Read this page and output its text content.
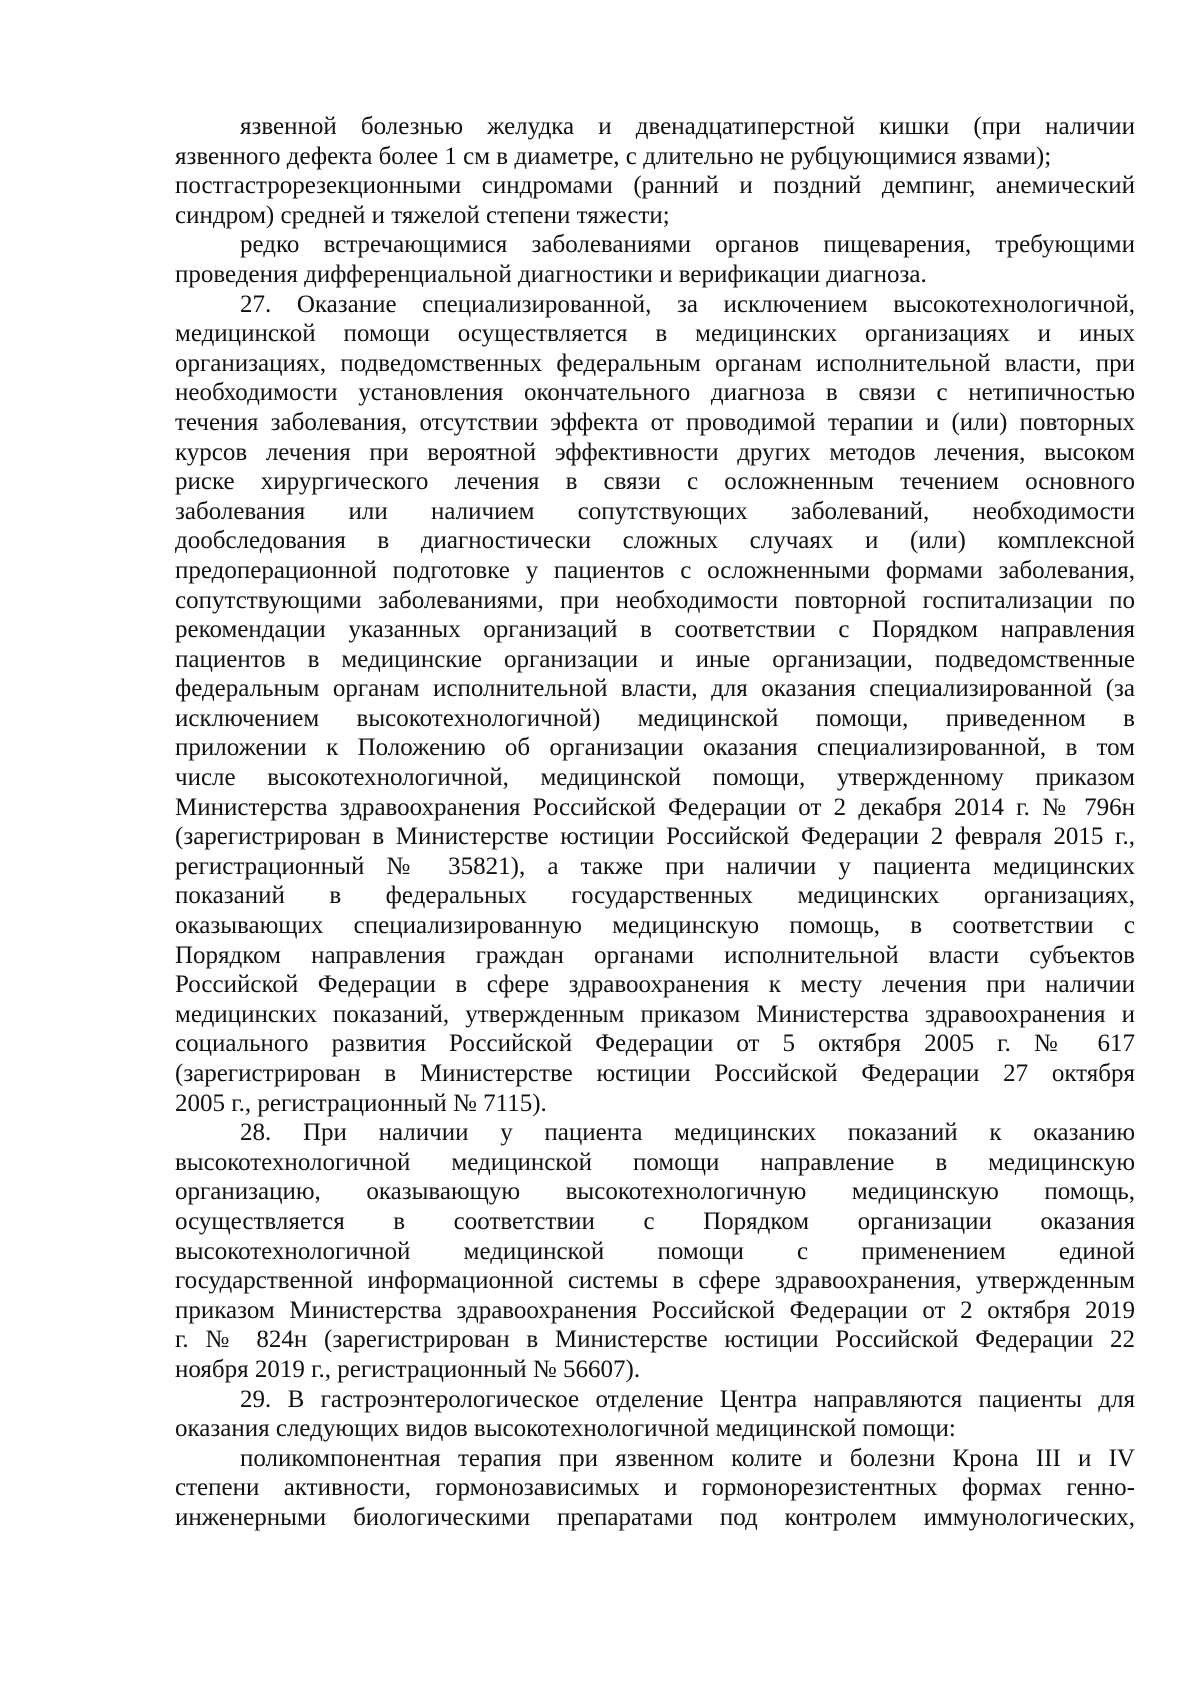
язвенной болезнью желудка и двенадцатиперстной кишки (при наличии
язвенного дефекта более 1 см в диаметре, с длительно не рубцующимися язвами);
постгастрорезекционными синдромами (ранний и поздний демпинг, анемический
синдром) средней и тяжелой степени тяжести;
редко встречающимися заболеваниями органов пищеварения, требующими
проведения дифференциальной диагностики и верификации диагноза.
27. Оказание специализированной, за исключением высокотехнологичной,
медицинской помощи осуществляется в медицинских организациях и иных
организациях, подведомственных федеральным органам исполнительной власти, при
необходимости установления окончательного диагноза в связи с нетипичностью
течения заболевания, отсутствии эффекта от проводимой терапии и (или) повторных
курсов лечения при вероятной эффективности других методов лечения, высоком
риске хирургического лечения в связи с осложненным течением основного
заболевания или наличием сопутствующих заболеваний, необходимости
дообследования в диагностически сложных случаях и (или) комплексной
предоперационной подготовке у пациентов с осложненными формами заболевания,
сопутствующими заболеваниями, при необходимости повторной госпитализации по
рекомендации указанных организаций в соответствии с Порядком направления
пациентов в медицинские организации и иные организации, подведомственные
федеральным органам исполнительной власти, для оказания специализированной (за
исключением высокотехнологичной) медицинской помощи, приведенном в
приложении к Положению об организации оказания специализированной, в том
числе высокотехнологичной, медицинской помощи, утвержденному приказом
Министерства здравоохранения Российской Федерации от 2 декабря 2014 г. № 796н
(зарегистрирован в Министерстве юстиции Российской Федерации 2 февраля 2015 г.,
регистрационный № 35821), а также при наличии у пациента медицинских
показаний в федеральных государственных медицинских организациях,
оказывающих специализированную медицинскую помощь, в соответствии с
Порядком направления граждан органами исполнительной власти субъектов
Российской Федерации в сфере здравоохранения к месту лечения при наличии
медицинских показаний, утвержденным приказом Министерства здравоохранения и
социального развития Российской Федерации от 5 октября 2005 г. № 617
(зарегистрирован в Министерстве юстиции Российской Федерации 27 октября
2005 г., регистрационный № 7115).
28. При наличии у пациента медицинских показаний к оказанию
высокотехнологичной медицинской помощи направление в медицинскую
организацию, оказывающую высокотехнологичную медицинскую помощь,
осуществляется в соответствии с Порядком организации оказания
высокотехнологичной медицинской помощи с применением единой
государственной информационной системы в сфере здравоохранения, утвержденным
приказом Министерства здравоохранения Российской Федерации от 2 октября 2019
г. № 824н (зарегистрирован в Министерстве юстиции Российской Федерации 22
ноября 2019 г., регистрационный № 56607).
29. В гастроэнтерологическое отделение Центра направляются пациенты для
оказания следующих видов высокотехнологичной медицинской помощи:
поликомпонентная терапия при язвенном колите и болезни Крона III и IV
степени активности, гормонозависимых и гормонорезистентных формах генно-
инженерными биологическими препаратами под контролем иммунологических,
